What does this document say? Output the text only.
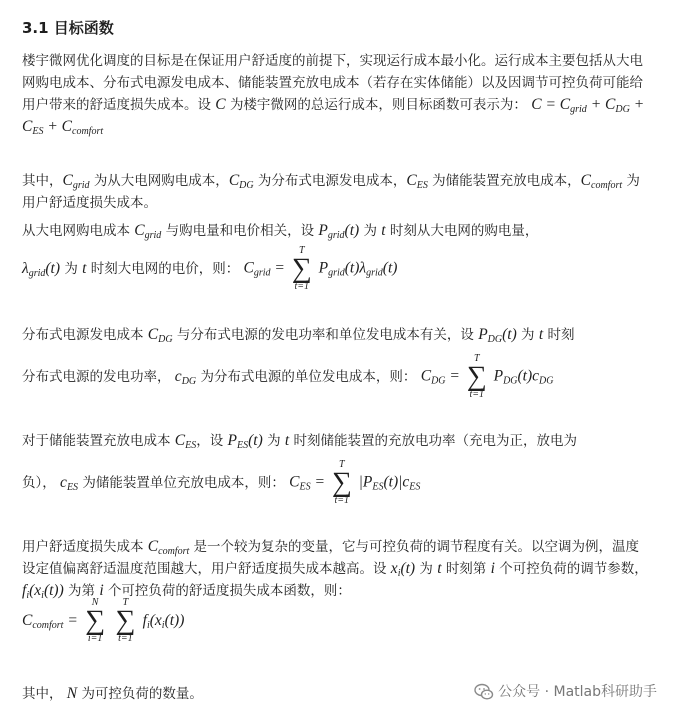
3.1 目标函数
楼宇微网优化调度的目标是在保证用户舒适度的前提下，实现运行成本最小化。运行成本主要包括从大电网购电成本、分布式电源发电成本、储能装置充放电成本（若存在实体储能）以及因调节可控负荷可能给用户带来的舒适度损失成本。设 C 为楼宇微网的总运行成本，则目标函数可表示为： $C = C_{grid} + C_{DG} + C_{ES} + C_{comfort}$
其中，$C_{grid}$ 为从大电网购电成本，$C_{DG}$ 为分布式电源发电成本，$C_{ES}$ 为储能装置充放电成本，$C_{comfort}$ 为用户舒适度损失成本。
从大电网购电成本 $C_{grid}$ 与购电量和电价相关，设 $P_{grid}(t)$ 为 t 时刻从大电网的购电量，
$\lambda_{grid}(t)$ 为 t 时刻大电网的电价，则： $C_{grid}$ =
T
∑
t=1
$P_{grid}(t)\lambda_{grid}(t)$
分布式电源发电成本 $C_{DG}$ 与分布式电源的发电功率和单位发电成本有关，设 $P_{DG}(t)$ 为 t 时刻
分布式电源的发电功率， $c_{DG}$ 为分布式电源的单位发电成本，则： $C_{DG}$ =
T
∑
t=1
$P_{DG}(t)c_{DG}$
对于储能装置充放电成本 $C_{ES}$，设 $P_{ES}(t)$ 为 t 时刻储能装置的充放电功率（充电为正，放电为
负）， $c_{ES}$ 为储能装置单位充放电成本，则： $C_{ES}$ =
T
∑
t=1
$|P_{ES}(t)|c_{ES}$
用户舒适度损失成本 $C_{comfort}$ 是一个较为复杂的变量，它与可控负荷的调节程度有关。以空调为例，温度设定值偏离舒适温度范围越大，用户舒适度损失成本越高。设 $x_i(t)$ 为 t 时刻第 i 个可控负荷的调节参数， $f_i(x_i(t))$ 为第 i 个可控负荷的舒适度损失成本函数，则：
$C_{comfort}$ =
N
∑
i=1

T
∑
t=1
$f_i(x_i(t))$
其中， N 为可控负荷的数量。	公众号 · Matlab科研助手
